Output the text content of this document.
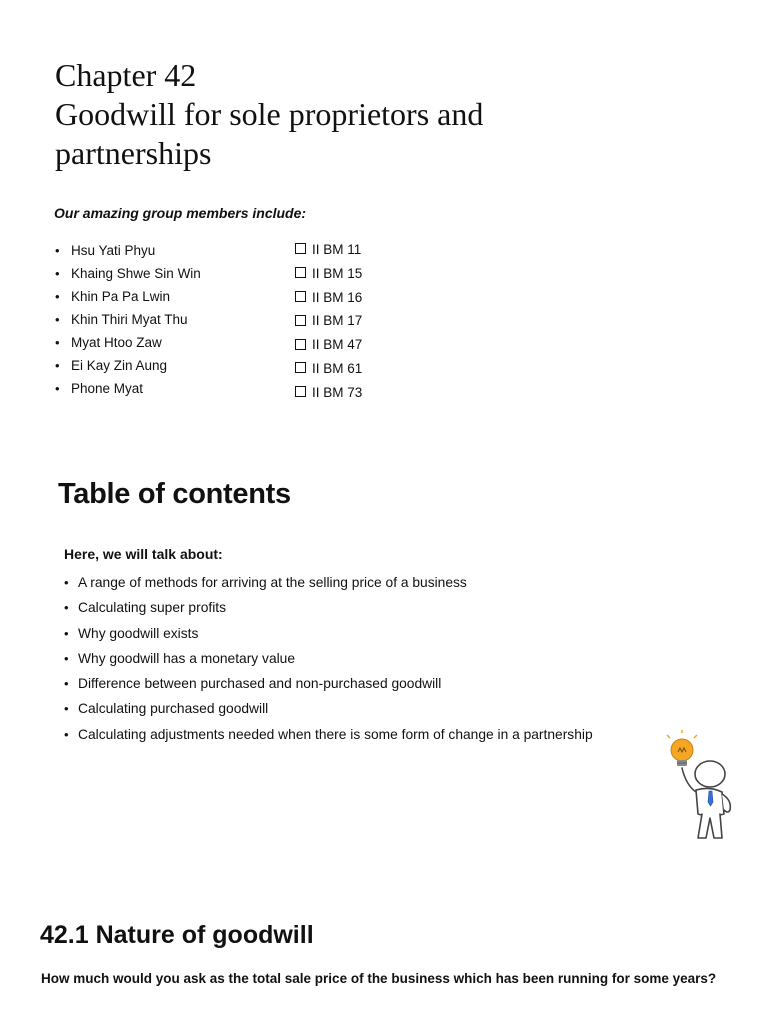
Chapter 42
Goodwill for sole proprietors and
partnerships
Our amazing group members include:
• Hsu Yati Phyu
• Khaing Shwe Sin Win
• Khin Pa Pa Lwin
• Khin Thiri Myat Thu
• Myat Htoo Zaw
• Ei Kay Zin Aung
• Phone Myat
II BM 11
II BM 15
II BM 16
II BM 17
II BM 47
II BM 61
II BM 73
Table of contents
Here, we will talk about:
• A range of methods for arriving at the selling price of a business
• Calculating super profits
• Why goodwill exists
• Why goodwill has a monetary value
• Difference between purchased and non-purchased goodwill
• Calculating purchased goodwill
• Calculating adjustments needed when there is some form of change in a partnership
42.1 Nature of goodwill
How much would you ask as the total sale price of the business which has been running for some years?
